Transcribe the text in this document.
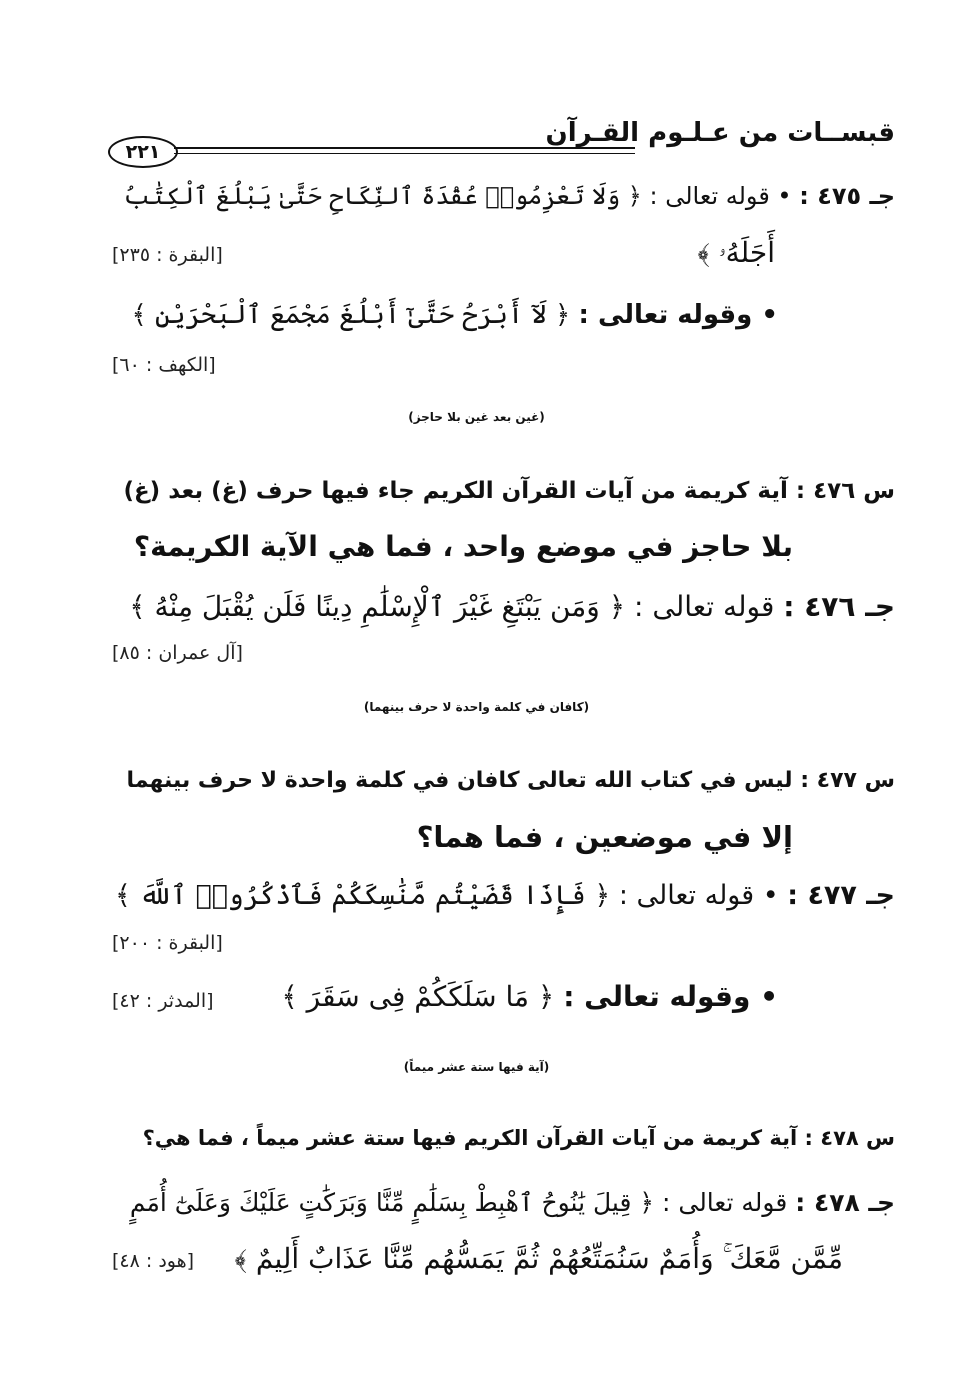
قبســات من عـلـوم القـرآن
٢٢١
جـ ٤٧٥ : • قوله تعالى : ﴿ وَلَا تَعْزِمُوا۟ عُقْدَةَ ٱلنِّكَاحِ حَتَّىٰ يَبْلُغَ ٱلْكِتَٰبُ
أَجَلَهُۥ ﴾
[البقرة : ٢٣٥]
• وقوله تعالى : ﴿ لَآ أَبْرَحُ حَتَّىٰٓ أَبْلُغَ مَجْمَعَ ٱلْبَحْرَيْنِ ﴾
[الكهف : ٦٠]
(غين بعد غين بلا حاجز)
س ٤٧٦ : آية كريمة من آيات القرآن الكريم جاء فيها حرف (غ) بعد (غ)
بلا حاجز في موضع واحد ، فما هي الآية الكريمة؟
جـ ٤٧٦ : قوله تعالى : ﴿ وَمَن يَبْتَغِ غَيْرَ ٱلْإِسْلَٰمِ دِينًا فَلَن يُقْبَلَ مِنْهُ ﴾
[آل عمران : ٨٥]
(كافان في كلمة واحدة لا حرف بينهما)
س ٤٧٧ : ليس في كتاب الله تعالى كافان في كلمة واحدة لا حرف بينهما
إلا في موضعين ، فما هما؟
جـ ٤٧٧ : • قوله تعالى : ﴿ فَإِذَا قَضَيْتُم مَّنَٰسِكَكُمْ فَٱذْكُرُوا۟ ٱللَّهَ ﴾
[البقرة : ٢٠٠]
• وقوله تعالى : ﴿ مَا سَلَكَكُمْ فِى سَقَرَ ﴾
[المدثر : ٤٢]
(آية فيها ستة عشر ميماً)
س ٤٧٨ : آية كريمة من آيات القرآن الكريم فيها ستة عشر ميماً ، فما هي؟
جـ ٤٧٨ : قوله تعالى : ﴿ قِيلَ يَٰنُوحُ ٱهْبِطْ بِسَلَٰمٍ مِّنَّا وَبَرَكَٰتٍ عَلَيْكَ وَعَلَىٰٓ أُمَمٍ
مِّمَّن مَّعَكَ ۚ وَأُمَمٌ سَنُمَتِّعُهُمْ ثُمَّ يَمَسُّهُم مِّنَّا عَذَابٌ أَلِيمٌ ﴾
[هود : ٤٨]
